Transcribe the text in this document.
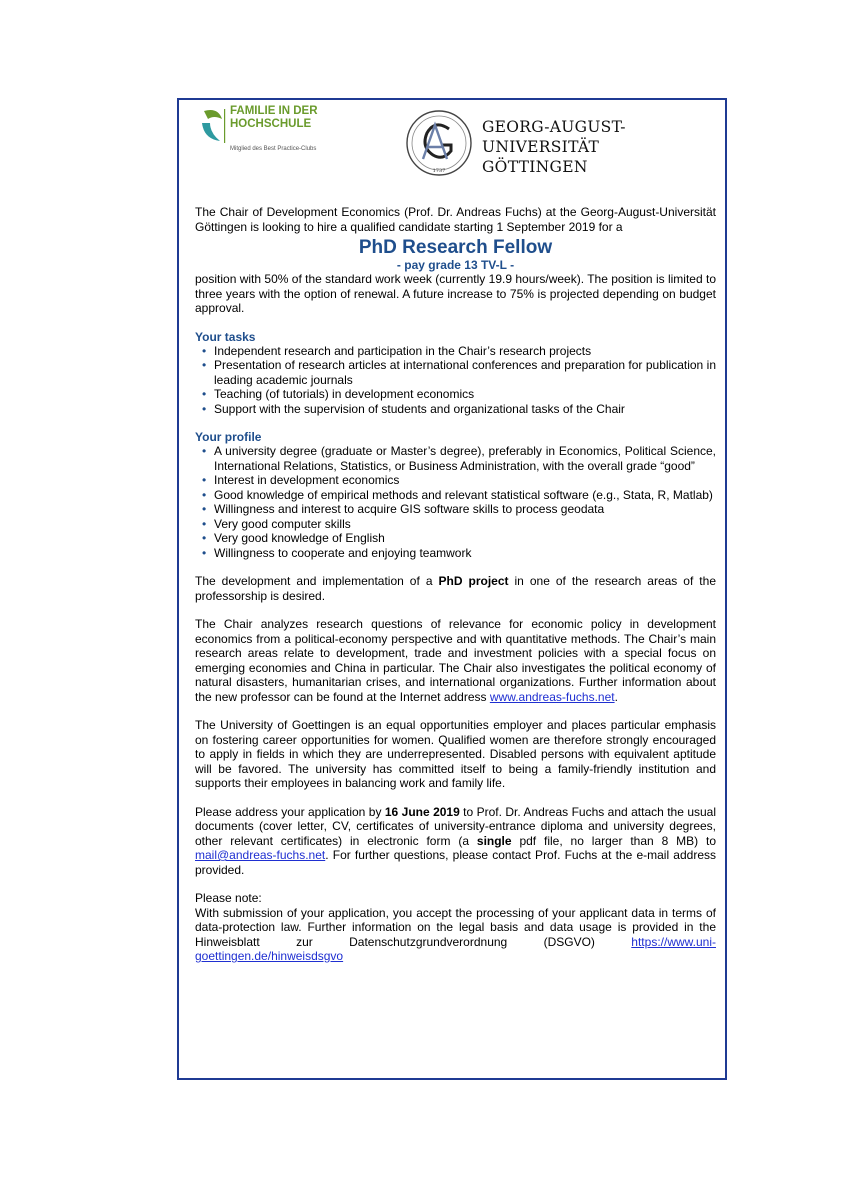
FAMILIE IN DER
HOCHSCHULE
Mitglied des Best Practice-Clubs
1737
GEORG-AUGUST-UNIVERSITÄT
GÖTTINGEN

The Chair of Development Economics (Prof. Dr. Andreas Fuchs) at the Georg-August-Universität Göttingen is looking to hire a qualified candidate starting 1 September 2019 for a

PhD Research Fellow
- pay grade 13 TV-L -

position with 50% of the standard work week (currently 19.9 hours/week). The position is limited to three years with the option of renewal. A future increase to 75% is projected depending on budget approval.

Your tasks
• Independent research and participation in the Chair’s research projects
• Presentation of research articles at international conferences and preparation for publication in leading academic journals
• Teaching (of tutorials) in development economics
• Support with the supervision of students and organizational tasks of the Chair
Your profile
• A university degree (graduate or Master’s degree), preferably in Economics, Political Science, International Relations, Statistics, or Business Administration, with the overall grade “good”
• Interest in development economics
• Good knowledge of empirical methods and relevant statistical software (e.g., Stata, R, Matlab)
• Willingness and interest to acquire GIS software skills to process geodata
• Very good computer skills
• Very good knowledge of English
• Willingness to cooperate and enjoying teamwork

The development and implementation of a PhD project in one of the research areas of the professorship is desired.

The Chair analyzes research questions of relevance for economic policy in development economics from a political-economy perspective and with quantitative methods. The Chair’s main research areas relate to development, trade and investment policies with a special focus on emerging economies and China in particular. The Chair also investigates the political economy of natural disasters, humanitarian crises, and international organizations. Further information about the new professor can be found at the Internet address www.andreas-fuchs.net.

The University of Goettingen is an equal opportunities employer and places particular emphasis on fostering career opportunities for women. Qualified women are therefore strongly encouraged to apply in fields in which they are underrepresented. Disabled persons with equivalent aptitude will be favored. The university has committed itself to being a family-friendly institution and supports their employees in balancing work and family life.

Please address your application by 16 June 2019 to Prof. Dr. Andreas Fuchs and attach the usual documents (cover letter, CV, certificates of university-entrance diploma and university degrees, other relevant certificates) in electronic form (a single pdf file, no larger than 8 MB) to mail@andreas-fuchs.net. For further questions, please contact Prof. Fuchs at the e-mail address provided.

Please note:

With submission of your application, you accept the processing of your applicant data in terms of data-protection law. Further information on the legal basis and data usage is provided in the Hinweisblatt zur Datenschutzgrundverordnung (DSGVO) https://www.uni-goettingen.de/hinweisdsgvo
